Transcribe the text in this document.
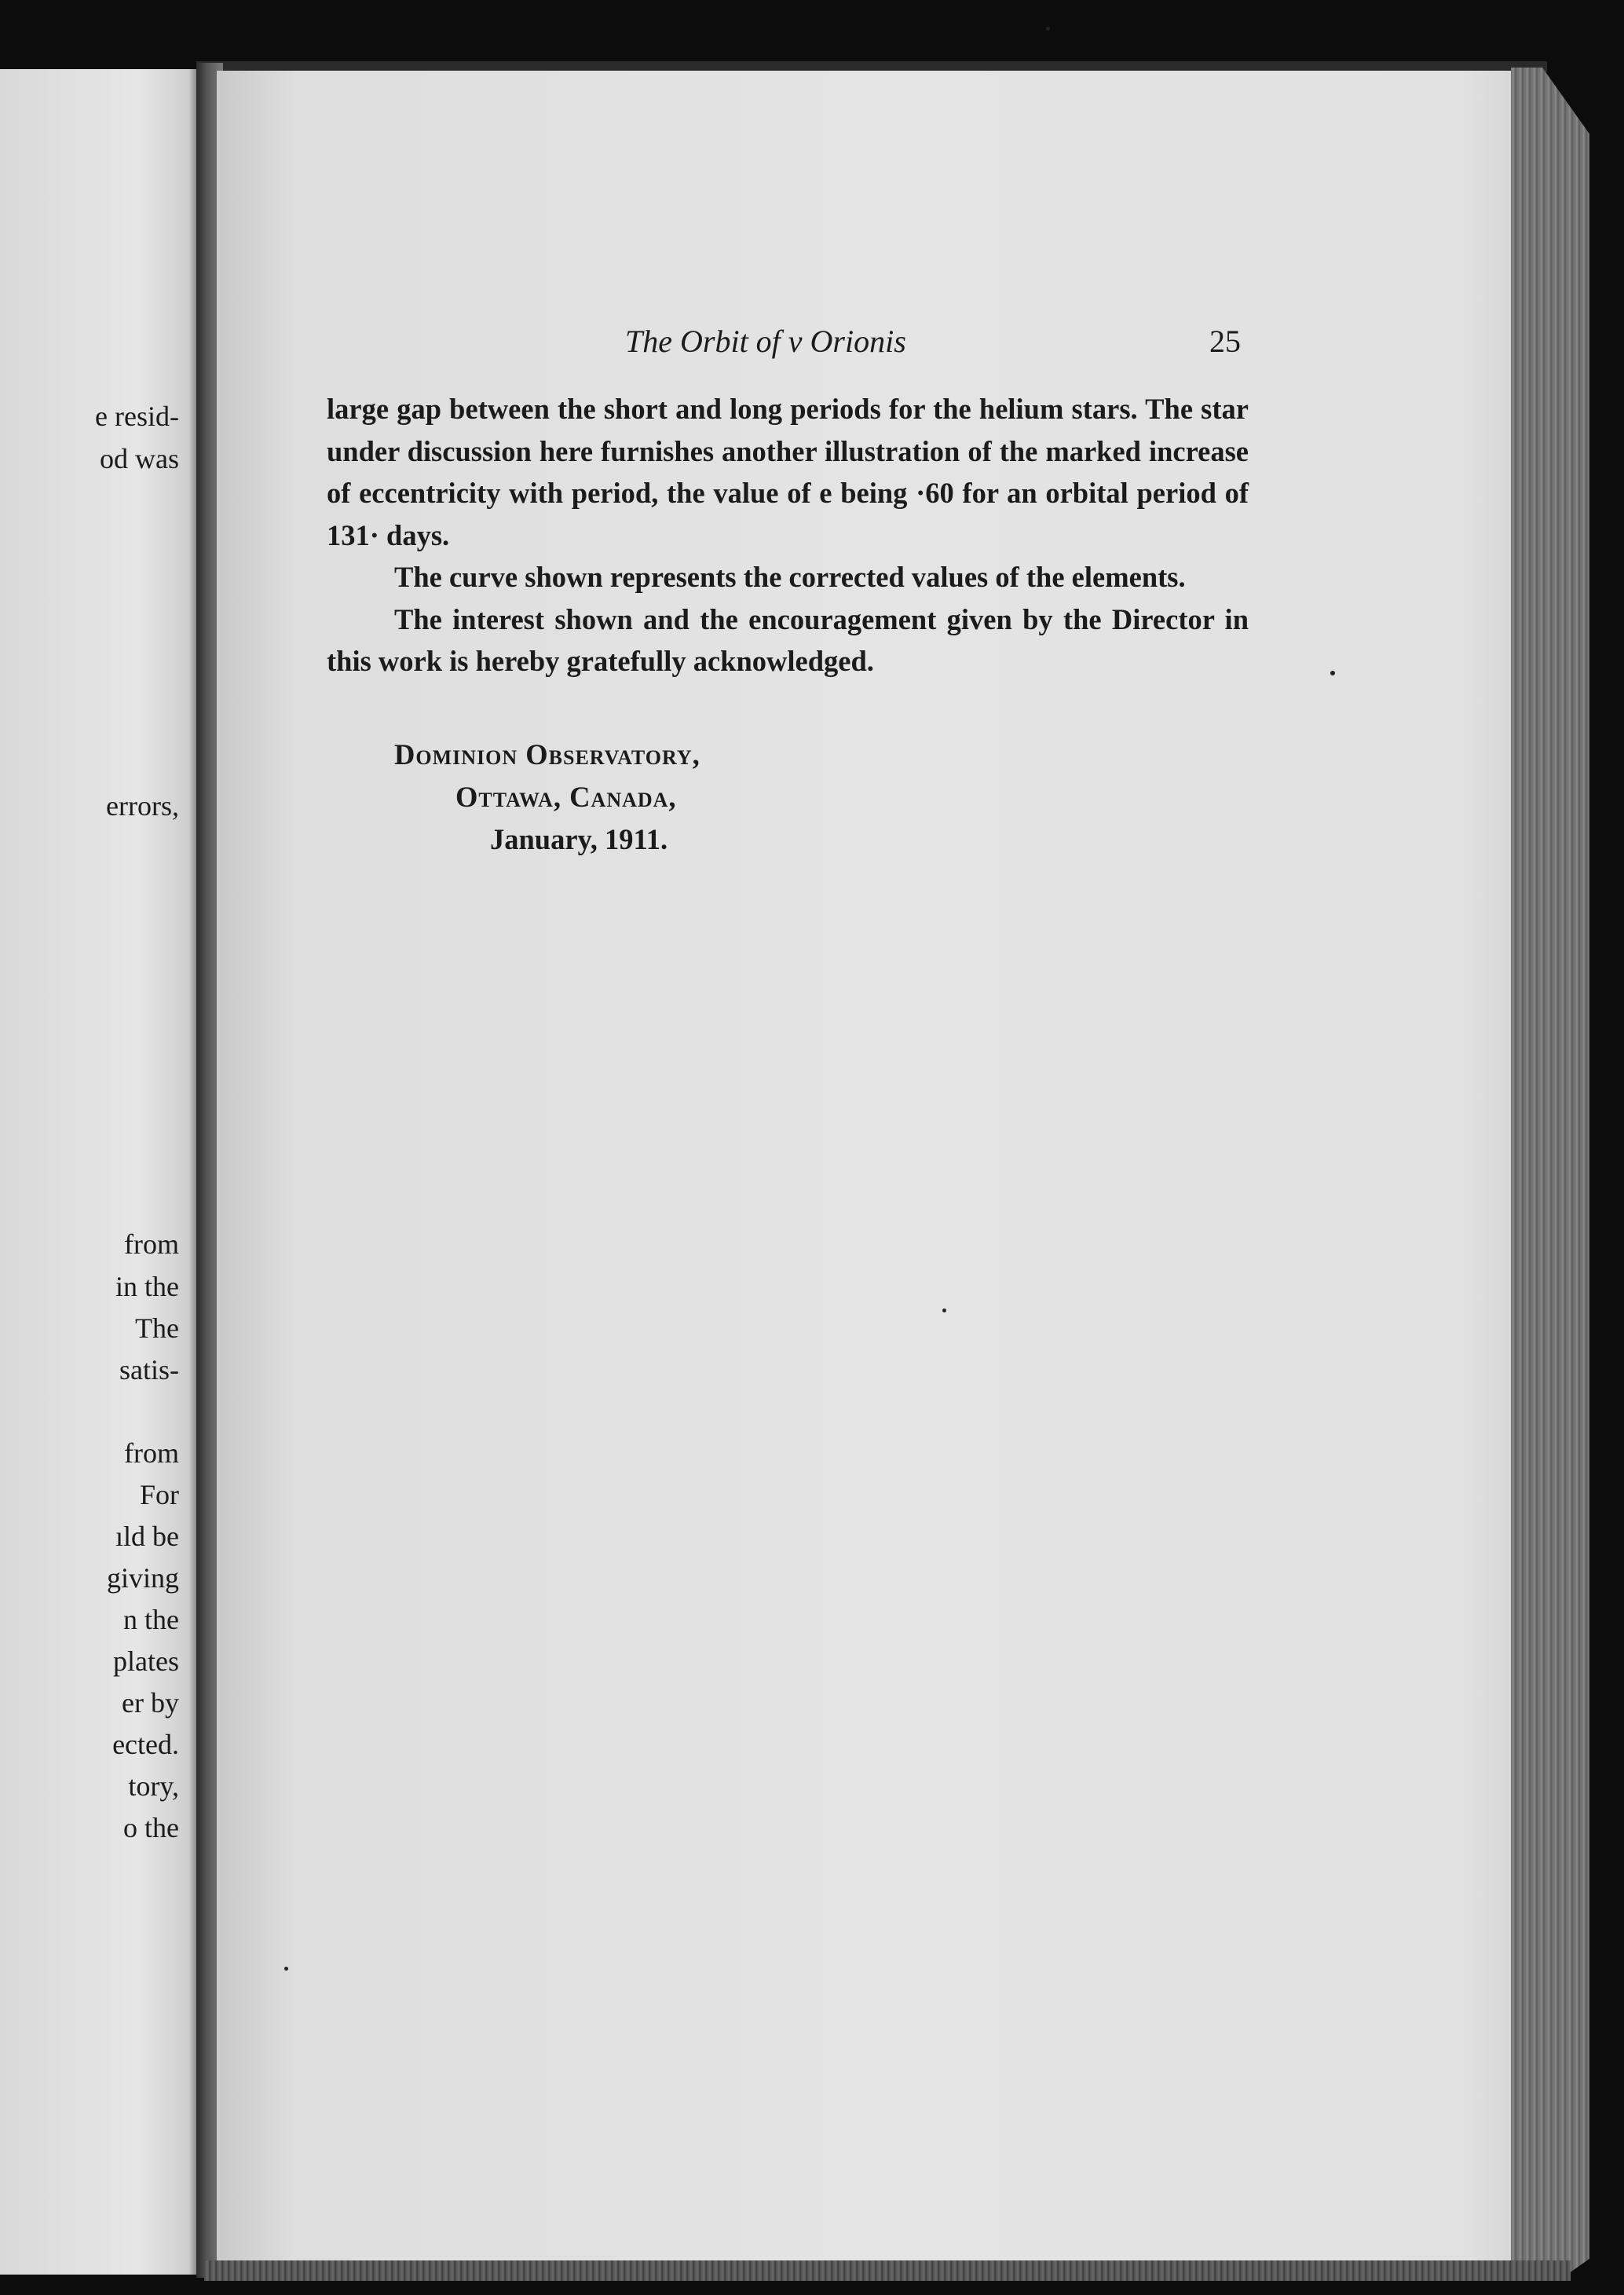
e resid-
od was
errors,
from
in the
The
satis-
from
For
ıld be
giving
n the
plates
er by
ected.
tory,
o the
The Orbit of v Orionis	25

large gap between the short and long periods for the helium stars. The star under discussion here furnishes another illustration of the marked increase of eccentricity with period, the value of e being ·60 for an orbital period of 131· days.

The curve shown represents the corrected values of the elements.

The interest shown and the encouragement given by the Director in this work is hereby gratefully acknowledged.

Dominion Observatory,
Ottawa, Canada,
January, 1911.
